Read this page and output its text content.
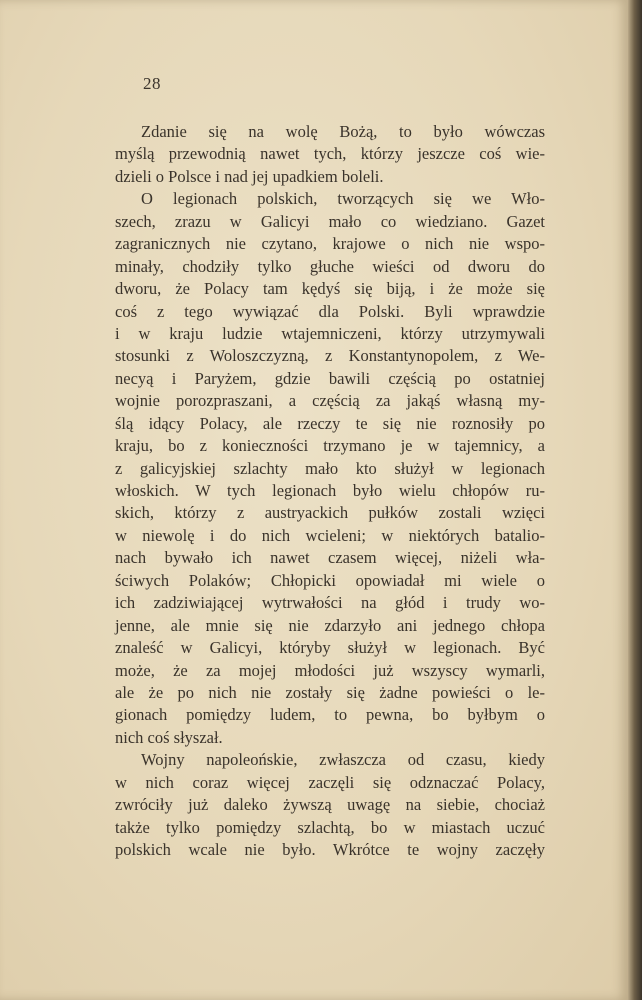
28
Zdanie się na wolę Bożą, to było wówczas
myślą przewodnią nawet tych, którzy jeszcze coś wie-
dzieli o Polsce i nad jej upadkiem boleli.
O legionach polskich, tworzących się we Wło-
szech, zrazu w Galicyi mało co wiedziano. Gazet
zagranicznych nie czytano, krajowe o nich nie wspo-
minały, chodziły tylko głuche wieści od dworu do
dworu, że Polacy tam kędyś się biją, i że może się
coś z tego wywiązać dla Polski. Byli wprawdzie
i w kraju ludzie wtajemniczeni, którzy utrzymywali
stosunki z Woloszczyzną, z Konstantynopolem, z We-
necyą i Paryżem, gdzie bawili częścią po ostatniej
wojnie porozpraszani, a częścią za jakąś własną my-
ślą idący Polacy, ale rzeczy te się nie roznosiły po
kraju, bo z konieczności trzymano je w tajemnicy, a
z galicyjskiej szlachty mało kto służył w legionach
włoskich. W tych legionach było wielu chłopów ru-
skich, którzy z austryackich pułków zostali wzięci
w niewolę i do nich wcieleni; w niektórych batalio-
nach bywało ich nawet czasem więcej, niżeli wła-
ściwych Polaków; Chłopicki opowiadał mi wiele o
ich zadziwiającej wytrwałości na głód i trudy wo-
jenne, ale mnie się nie zdarzyło ani jednego chłopa
znaleść w Galicyi, któryby służył w legionach. Być
może, że za mojej młodości już wszyscy wymarli,
ale że po nich nie zostały się żadne powieści o le-
gionach pomiędzy ludem, to pewna, bo byłbym o
nich coś słyszał.
Wojny napoleońskie, zwłaszcza od czasu, kiedy
w nich coraz więcej zaczęli się odznaczać Polacy,
zwróciły już daleko żywszą uwagę na siebie, chociaż
także tylko pomiędzy szlachtą, bo w miastach uczuć
polskich wcale nie było. Wkrótce te wojny zaczęły
